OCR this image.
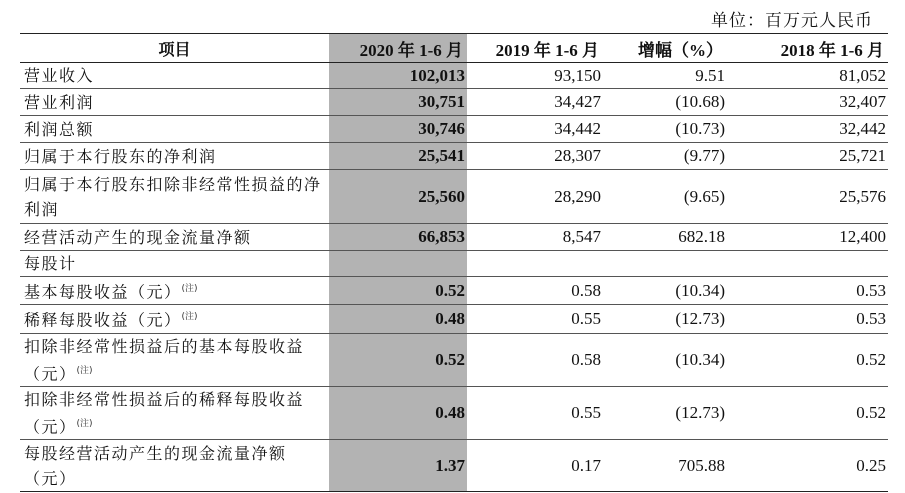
单位：百万元人民币
项目	2020 年 1-6 月	2019 年 1-6 月	增幅（%）	2018 年 1-6 月
营业收入	102,013	93,150	9.51	81,052
营业利润	30,751	34,427	(10.68)	32,407
利润总额	30,746	34,442	(10.73)	32,442
归属于本行股东的净利润	25,541	28,307	(9.77)	25,721
归属于本行股东扣除非经常性损益的净利润	25,560	28,290	(9.65)	25,576
经营活动产生的现金流量净额	66,853	8,547	682.18	12,400
每股计				
基本每股收益（元）$^{(注)}$	0.52	0.58	(10.34)	0.53
稀释每股收益（元）$^{(注)}$	0.48	0.55	(12.73)	0.53
扣除非经常性损益后的基本每股收益（元）$^{(注)}$	0.52	0.58	(10.34)	0.52
扣除非经常性损益后的稀释每股收益（元）$^{(注)}$	0.48	0.55	(12.73)	0.52
每股经营活动产生的现金流量净额（元）	1.37	0.17	705.88	0.25
